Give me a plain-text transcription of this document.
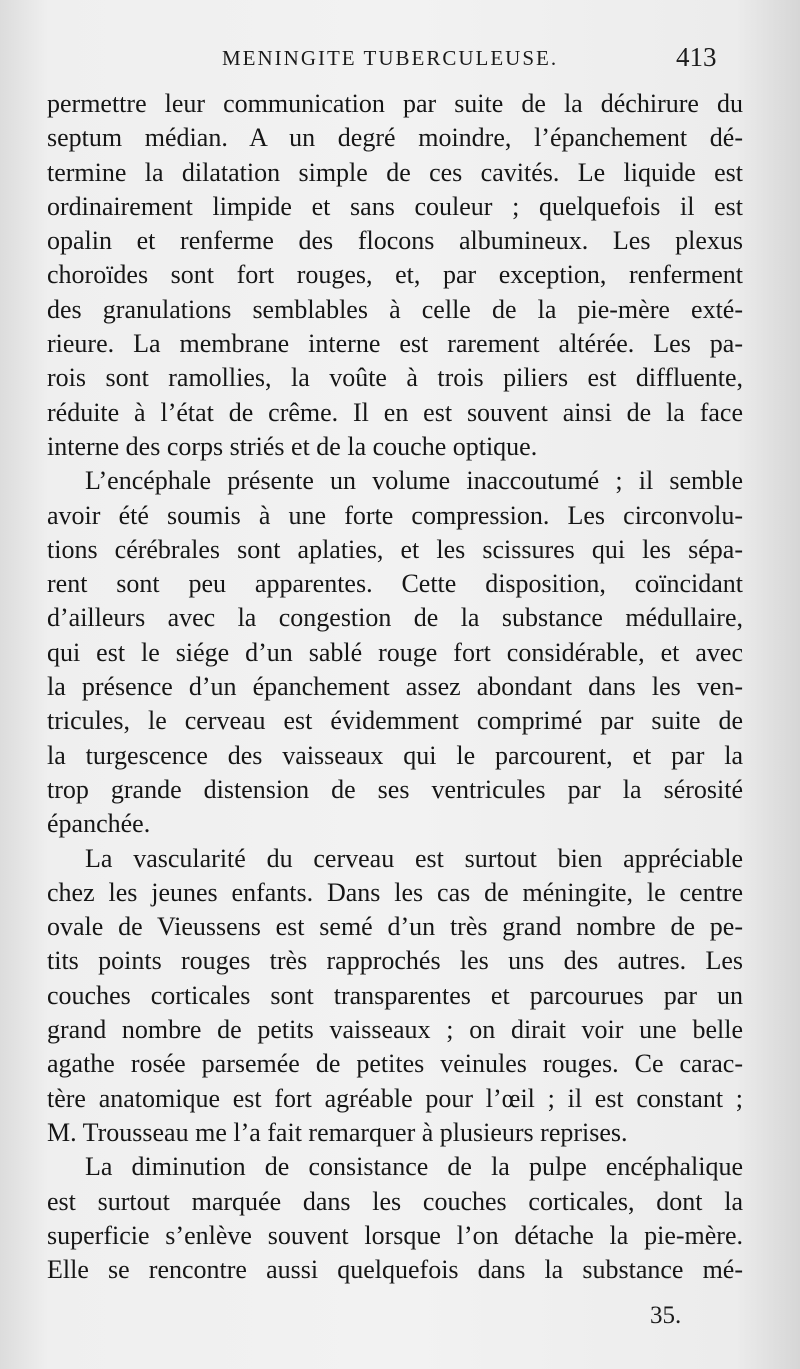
MENINGITE TUBERCULEUSE.	413
permettre leur communication par suite de la déchirure du
septum médian. A un degré moindre, l’épanchement dé-
termine la dilatation simple de ces cavités. Le liquide est
ordinairement limpide et sans couleur ; quelquefois il est
opalin et renferme des flocons albumineux. Les plexus
choroïdes sont fort rouges, et, par exception, renferment
des granulations semblables à celle de la pie-mère exté-
rieure. La membrane interne est rarement altérée. Les pa-
rois sont ramollies, la voûte à trois piliers est diffluente,
réduite à l’état de crême. Il en est souvent ainsi de la face
interne des corps striés et de la couche optique.
L’encéphale présente un volume inaccoutumé ; il semble
avoir été soumis à une forte compression. Les circonvolu-
tions cérébrales sont aplaties, et les scissures qui les sépa-
rent sont peu apparentes. Cette disposition, coïncidant
d’ailleurs avec la congestion de la substance médullaire,
qui est le siége d’un sablé rouge fort considérable, et avec
la présence d’un épanchement assez abondant dans les ven-
tricules, le cerveau est évidemment comprimé par suite de
la turgescence des vaisseaux qui le parcourent, et par la
trop grande distension de ses ventricules par la sérosité
épanchée.
La vascularité du cerveau est surtout bien appréciable
chez les jeunes enfants. Dans les cas de méningite, le centre
ovale de Vieussens est semé d’un très grand nombre de pe-
tits points rouges très rapprochés les uns des autres. Les
couches corticales sont transparentes et parcourues par un
grand nombre de petits vaisseaux ; on dirait voir une belle
agathe rosée parsemée de petites veinules rouges. Ce carac-
tère anatomique est fort agréable pour l’œil ; il est constant ;
M. Trousseau me l’a fait remarquer à plusieurs reprises.
La diminution de consistance de la pulpe encéphalique
est surtout marquée dans les couches corticales, dont la
superficie s’enlève souvent lorsque l’on détache la pie-mère.
Elle se rencontre aussi quelquefois dans la substance mé-
35.
